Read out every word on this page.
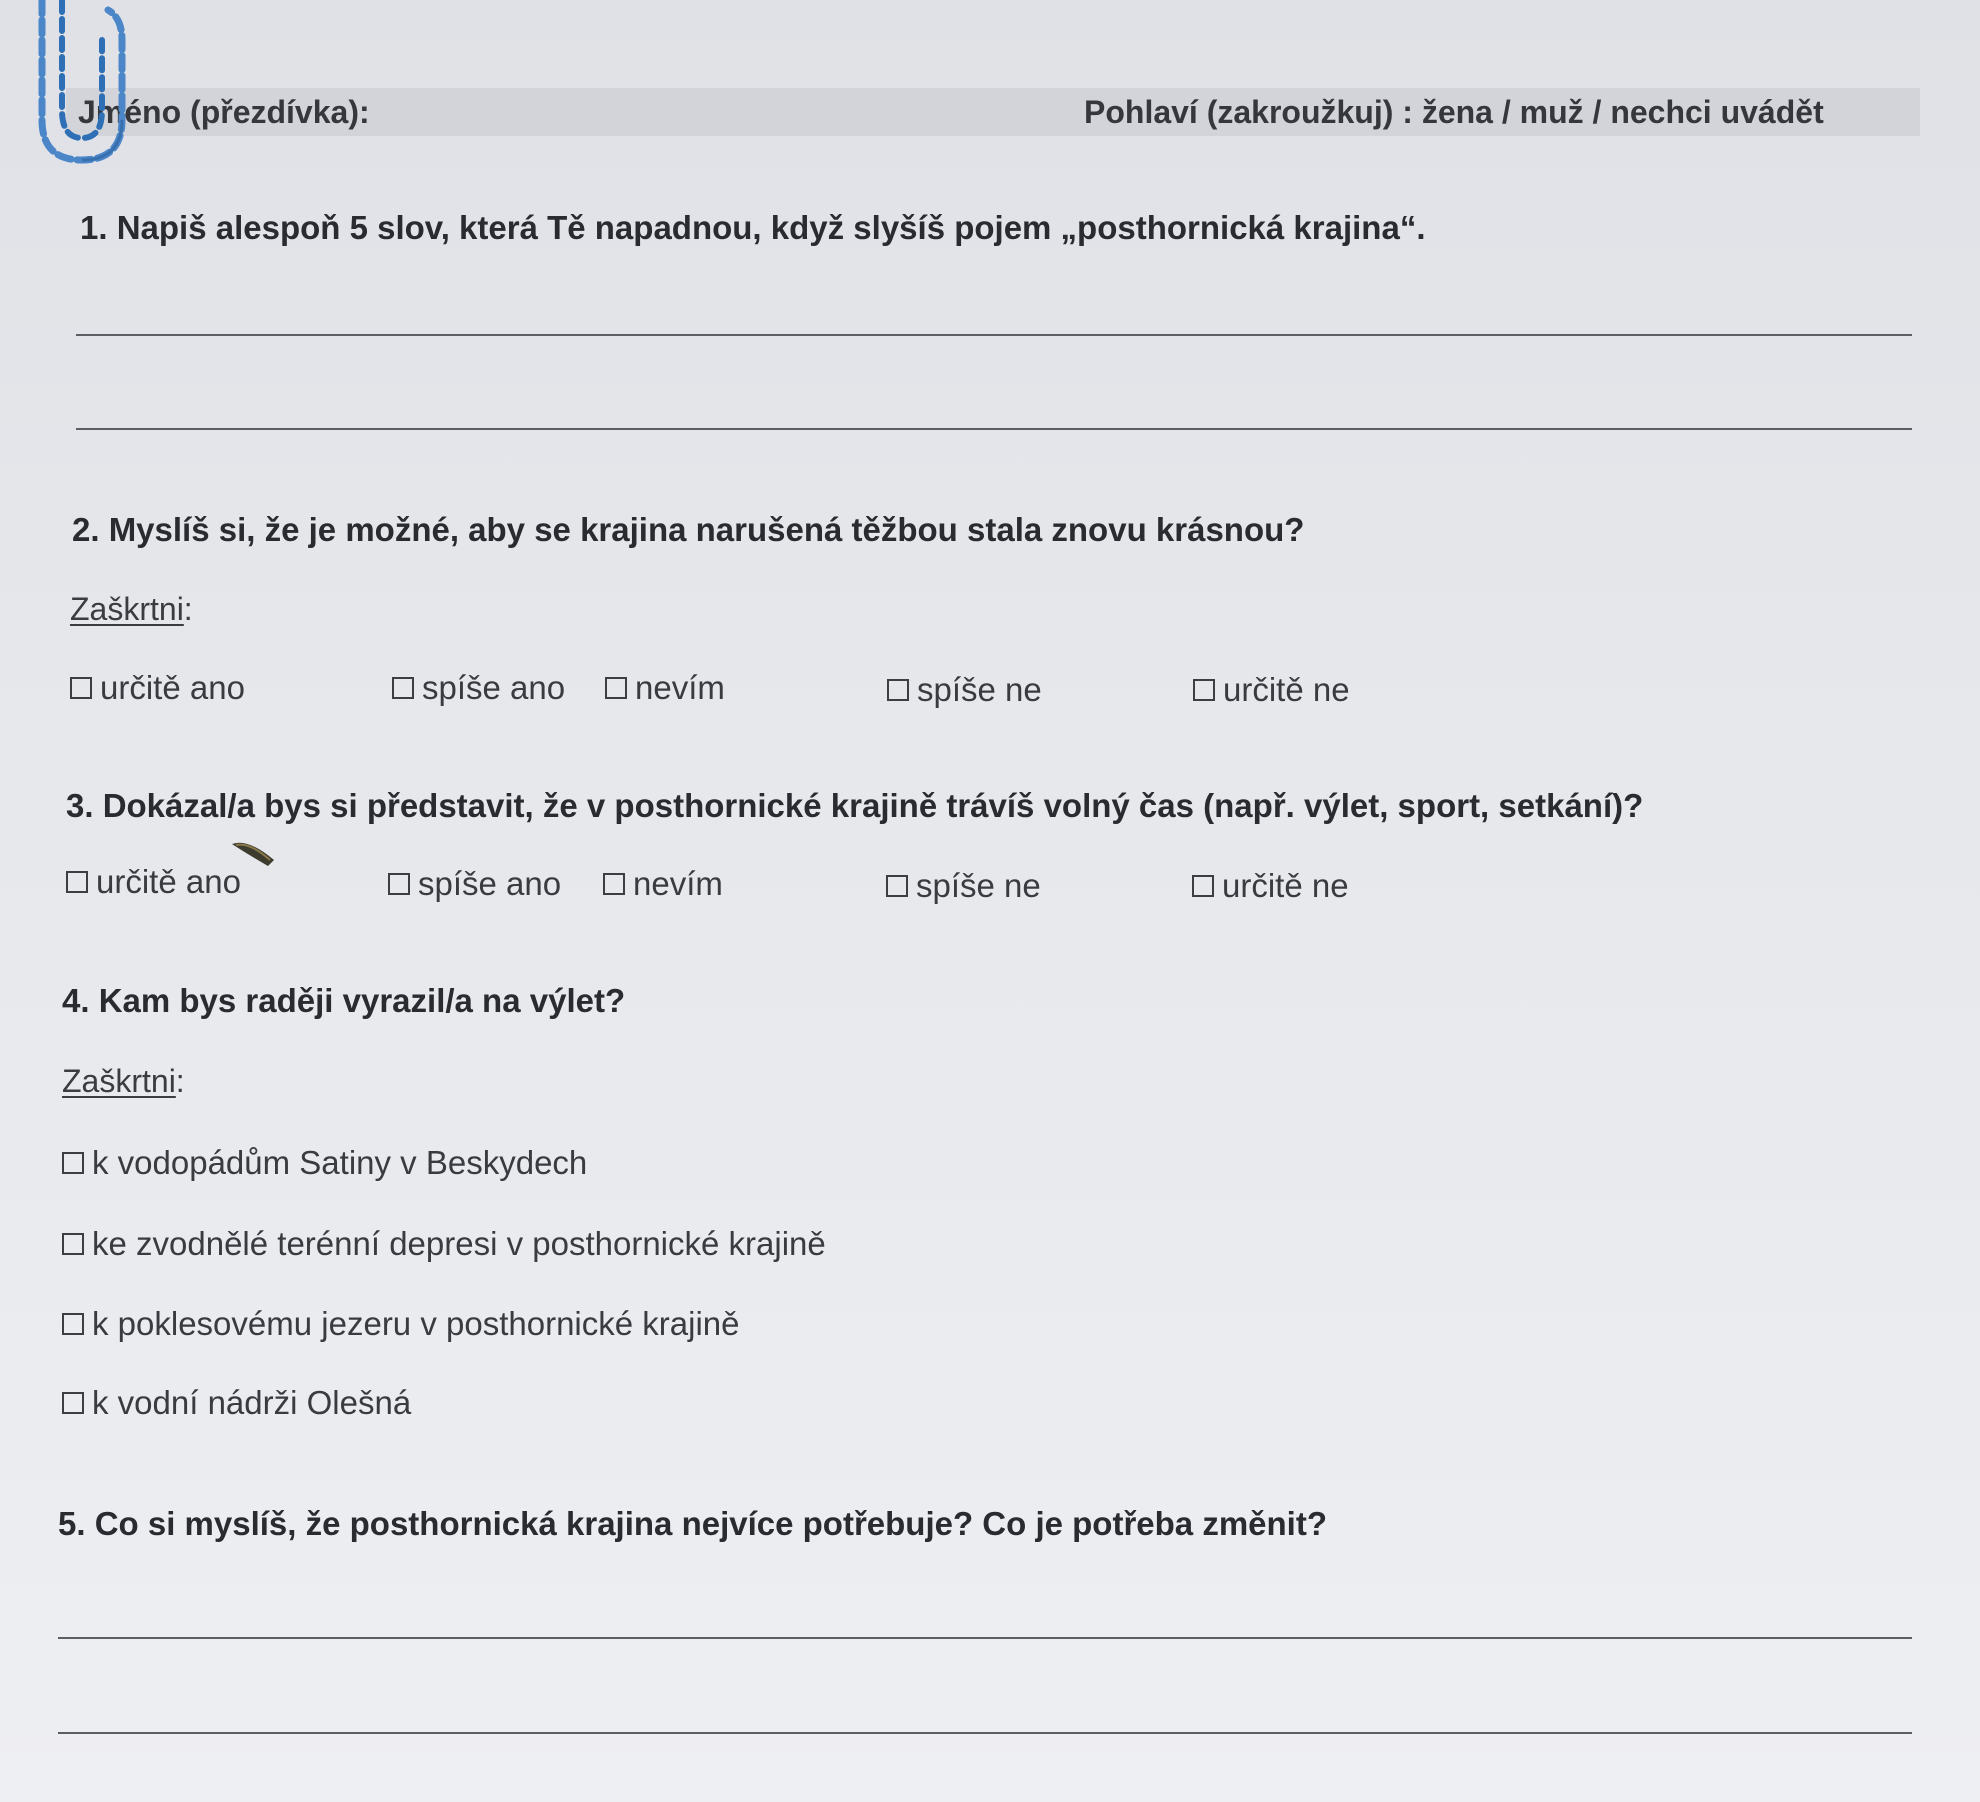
Jméno (přezdívka):	Pohlaví (zakroužkuj) : žena / muž / nechci uvádět
1. Napiš alespoň 5 slov, která Tě napadnou, když slyšíš pojem „posthornická krajina“.
2. Myslíš si, že je možné, aby se krajina narušená těžbou stala znovu krásnou?
Zaškrtni:
určitě ano	spíše ano nevím	spíše ne	určitě ne
3. Dokázal/a bys si představit, že v posthornické krajině trávíš volný čas (např. výlet, sport, setkání)?
určitě ano	spíše ano nevím	spíše ne	určitě ne
4. Kam bys raději vyrazil/a na výlet?
Zaškrtni:
k vodopádům Satiny v Beskydech
ke zvodnělé terénní depresi v posthornické krajině
k poklesovému jezeru v posthornické krajině
k vodní nádrži Olešná
5. Co si myslíš, že posthornická krajina nejvíce potřebuje? Co je potřeba změnit?
